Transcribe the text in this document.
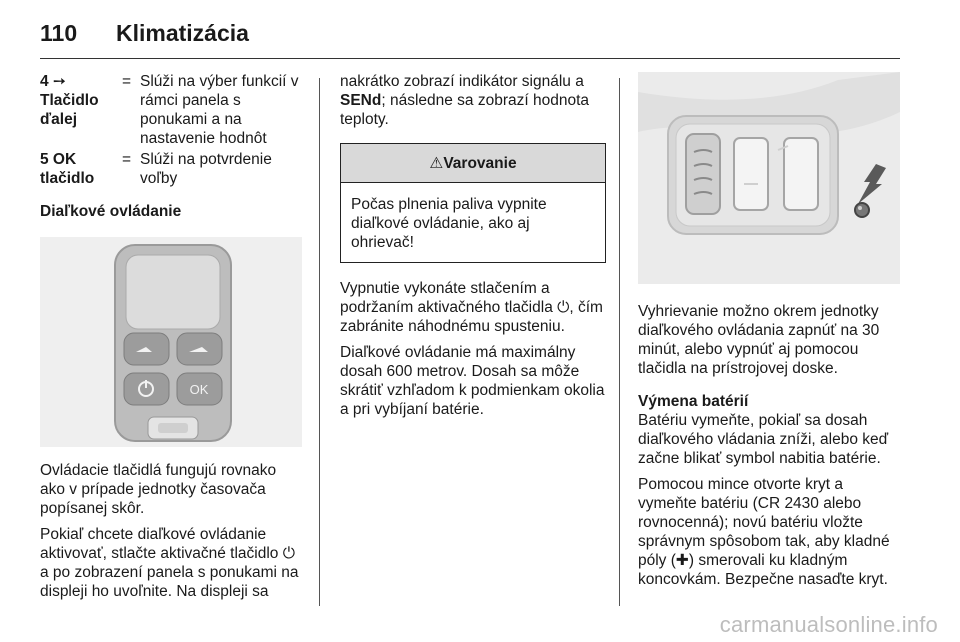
110 Klimatizácia
4 ➙ Tlačidlo ďalej
= Slúži na výber funkcií v rámci panela s ponukami a na nastavenie hodnôt
5 OK tlačidlo
= Slúži na potvrdenie voľby
Diaľkové ovládanie
OK

Ovládacie tlačidlá fungujú rovnako ako v prípade jednotky časovača popísanej skôr.

Pokiaľ chcete diaľkové ovládanie aktivovať, stlačte aktivačné tlačidlo ⏻ a po zobrazení panela s ponukami na displeji ho uvoľnite. Na displeji sa

nakrátko zobrazí indikátor signálu a SENd; následne sa zobrazí hodnota teploty.

⚠Varovanie
Počas plnenia paliva vypnite diaľkové ovládanie, ako aj ohrievač!

Vypnutie vykonáte stlačením a podržaním aktivačného tlačidla ⏻, čím zabránite náhodnému spusteniu.

Diaľkové ovládanie má maximálny dosah 600 metrov. Dosah sa môže skrátiť vzhľadom k podmienkam okolia a pri vybíjaní batérie.

Vyhrievanie možno okrem jednotky diaľkového ovládania zapnúť na 30 minút, alebo vypnúť aj pomocou tlačidla na prístrojovej doske.

Výmena batérií

Batériu vymeňte, pokiaľ sa dosah diaľkového vládania zníži, alebo keď začne blikať symbol nabitia batérie.

Pomocou mince otvorte kryt a vymeňte batériu (CR 2430 alebo rovnocenná); novú batériu vložte správnym spôsobom tak, aby kladné póly (✚) smerovali ku kladným koncovkám. Bezpečne nasaďte kryt.

carmanualsonline.info
